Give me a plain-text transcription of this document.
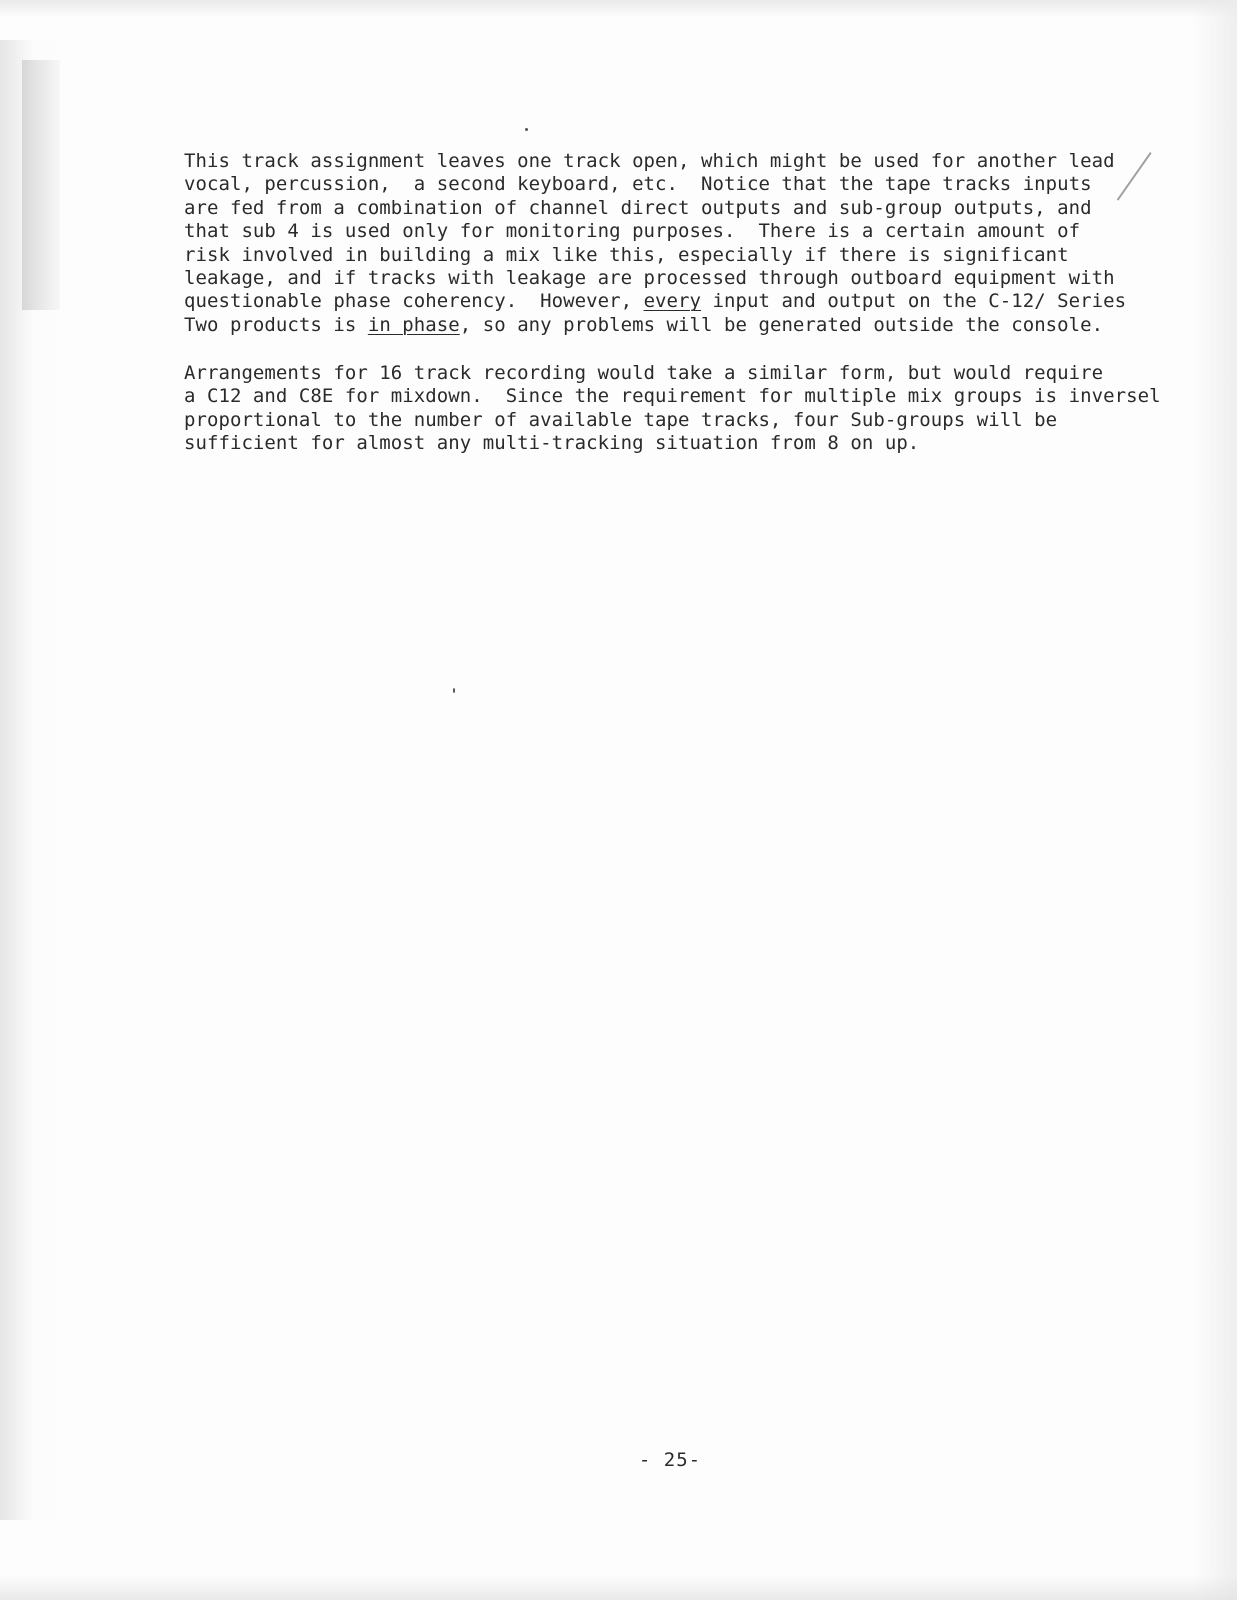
This track assignment leaves one track open, which might be used for another lead
vocal, percussion,  a second keyboard, etc.  Notice that the tape tracks inputs
are fed from a combination of channel direct outputs and sub-group outputs, and
that sub 4 is used only for monitoring purposes.  There is a certain amount of
risk involved in building a mix like this, especially if there is significant
leakage, and if tracks with leakage are processed through outboard equipment with
questionable phase coherency.  However, every input and output on the C-12/ Series
Two products is in phase, so any problems will be generated outside the console.
Arrangements for 16 track recording would take a similar form, but would require
a C12 and C8E for mixdown.  Since the requirement for multiple mix groups is inversel
proportional to the number of available tape tracks, four Sub-groups will be
sufficient for almost any multi-tracking situation from 8 on up.
- 25-
